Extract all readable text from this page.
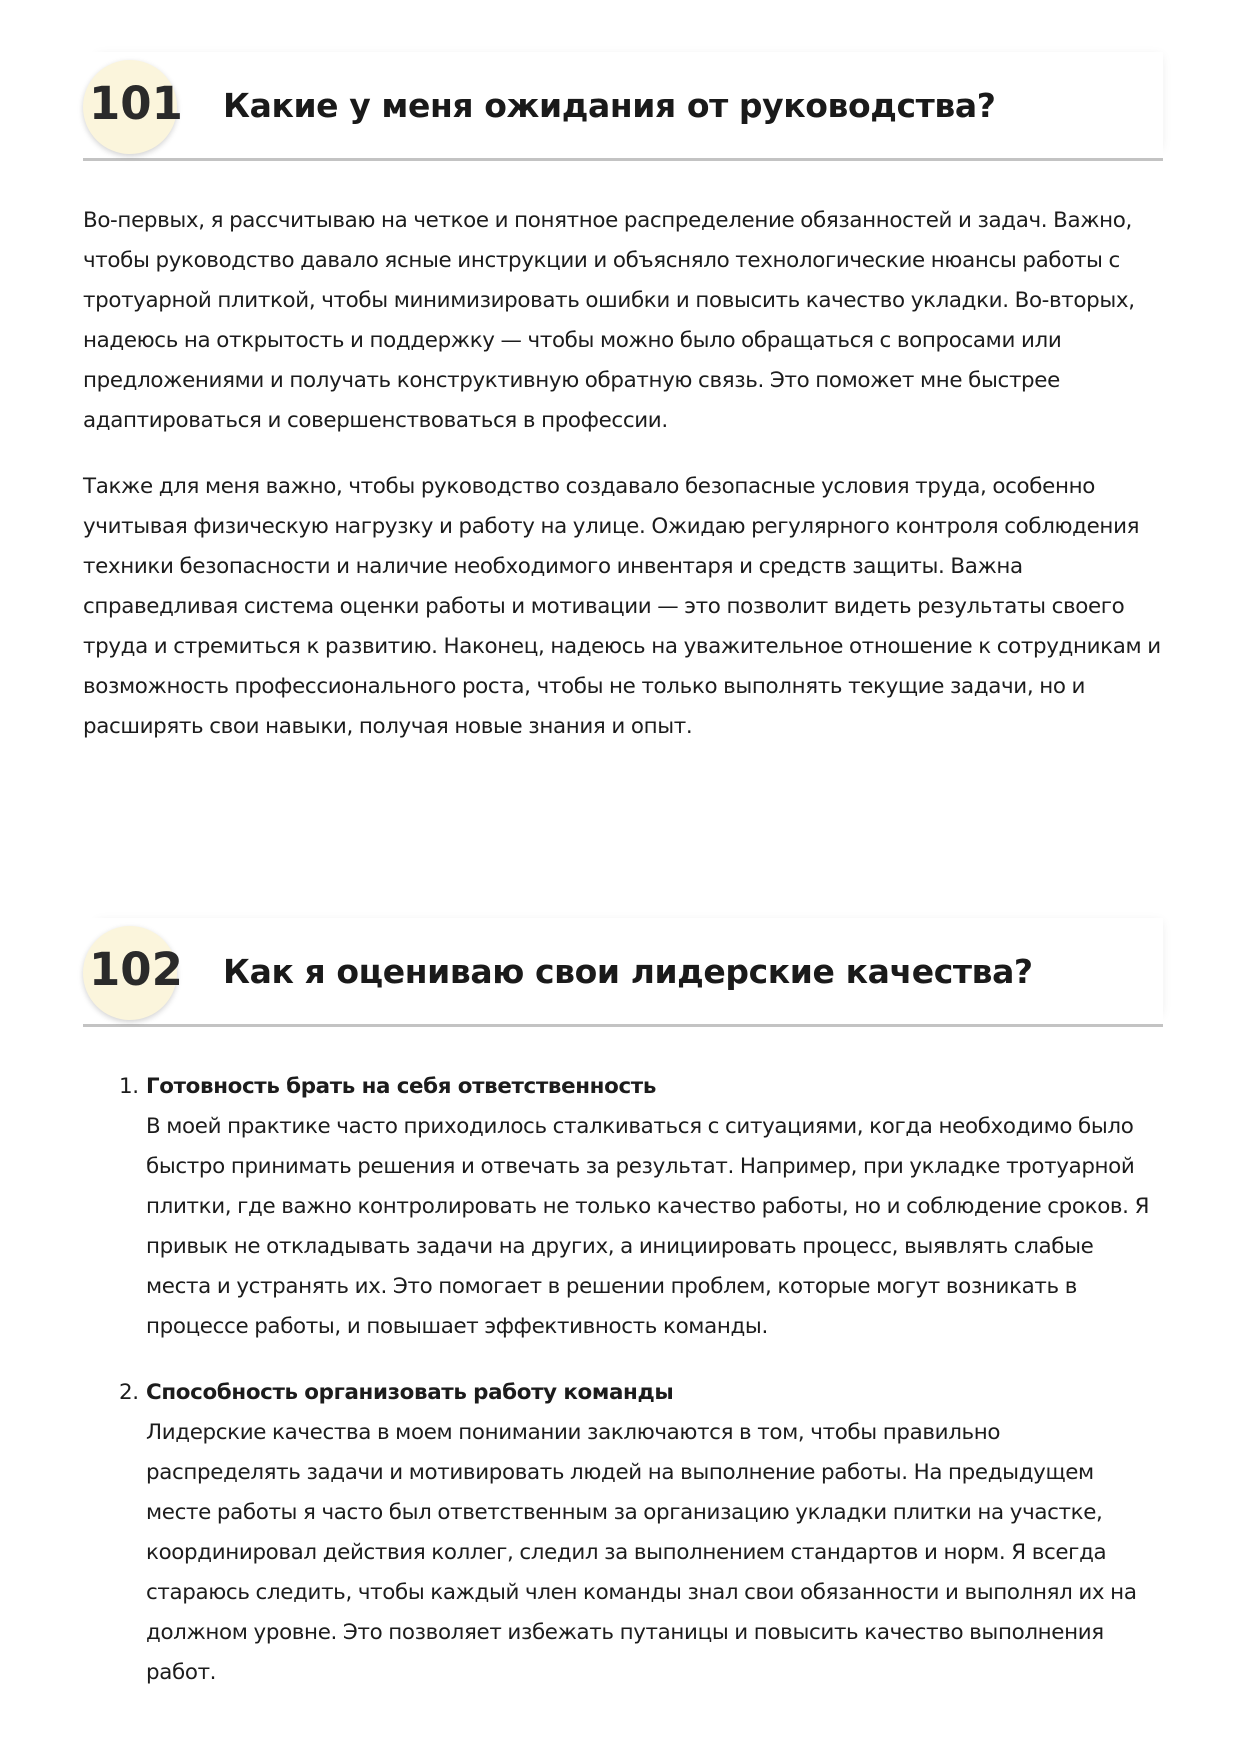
101 Какие у меня ожидания от руководства?

Во-первых, я рассчитываю на четкое и понятное распределение обязанностей и задач. Важно, чтобы руководство давало ясные инструкции и объясняло технологические нюансы работы с тротуарной плиткой, чтобы минимизировать ошибки и повысить качество укладки. Во-вторых, надеюсь на открытость и поддержку — чтобы можно было обращаться с вопросами или предложениями и получать конструктивную обратную связь. Это поможет мне быстрее адаптироваться и совершенствоваться в профессии.

Также для меня важно, чтобы руководство создавало безопасные условия труда, особенно учитывая физическую нагрузку и работу на улице. Ожидаю регулярного контроля соблюдения техники безопасности и наличие необходимого инвентаря и средств защиты. Важна справедливая система оценки работы и мотивации — это позволит видеть результаты своего труда и стремиться к развитию. Наконец, надеюсь на уважительное отношение к сотрудникам и возможность профессионального роста, чтобы не только выполнять текущие задачи, но и расширять свои навыки, получая новые знания и опыт.

102 Как я оцениваю свои лидерские качества?
1. Готовность брать на себя ответственность
В моей практике часто приходилось сталкиваться с ситуациями, когда необходимо было быстро принимать решения и отвечать за результат. Например, при укладке тротуарной плитки, где важно контролировать не только качество работы, но и соблюдение сроков. Я привык не откладывать задачи на других, а инициировать процесс, выявлять слабые места и устранять их. Это помогает в решении проблем, которые могут возникать в процессе работы, и повышает эффективность команды.
2. Способность организовать работу команды
Лидерские качества в моем понимании заключаются в том, чтобы правильно распределять задачи и мотивировать людей на выполнение работы. На предыдущем месте работы я часто был ответственным за организацию укладки плитки на участке, координировал действия коллег, следил за выполнением стандартов и норм. Я всегда стараюсь следить, чтобы каждый член команды знал свои обязанности и выполнял их на должном уровне. Это позволяет избежать путаницы и повысить качество выполнения работ.
